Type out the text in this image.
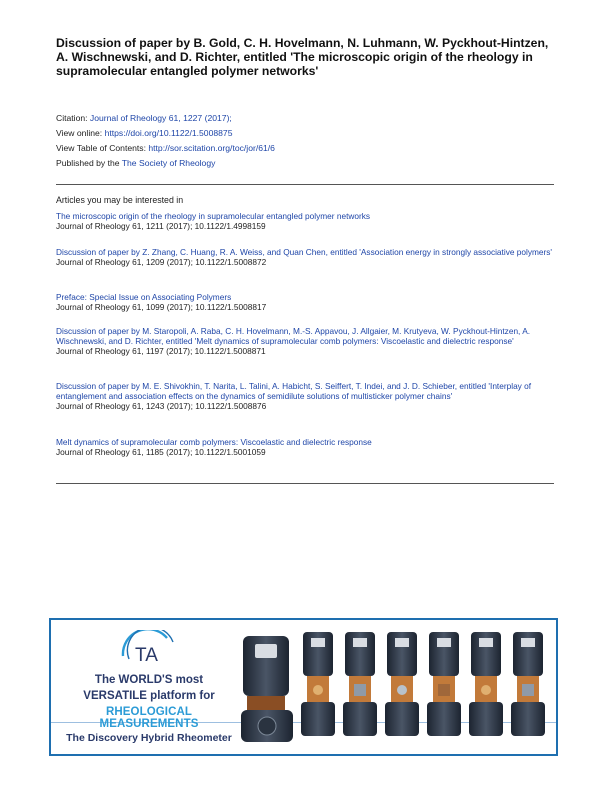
Discussion of paper by B. Gold, C. H. Hovelmann, N. Luhmann, W. Pyckhout-Hintzen, A. Wischnewski, and D. Richter, entitled 'The microscopic origin of the rheology in supramolecular entangled polymer networks'
Citation: Journal of Rheology 61, 1227 (2017);
View online: https://doi.org/10.1122/1.5008875
View Table of Contents: http://sor.scitation.org/toc/jor/61/6
Published by the The Society of Rheology
Articles you may be interested in
The microscopic origin of the rheology in supramolecular entangled polymer networks
Journal of Rheology 61, 1211 (2017); 10.1122/1.4998159
Discussion of paper by Z. Zhang, C. Huang, R. A. Weiss, and Quan Chen, entitled 'Association energy in strongly associative polymers'
Journal of Rheology 61, 1209 (2017); 10.1122/1.5008872
Preface: Special Issue on Associating Polymers
Journal of Rheology 61, 1099 (2017); 10.1122/1.5008817
Discussion of paper by M. Staropoli, A. Raba, C. H. Hovelmann, M.-S. Appavou, J. Allgaier, M. Krutyeva, W. Pyckhout-Hintzen, A. Wischnewski, and D. Richter, entitled 'Melt dynamics of supramolecular comb polymers: Viscoelastic and dielectric response'
Journal of Rheology 61, 1197 (2017); 10.1122/1.5008871
Discussion of paper by M. E. Shivokhin, T. Narita, L. Talini, A. Habicht, S. Seiffert, T. Indei, and J. D. Schieber, entitled 'Interplay of entanglement and association effects on the dynamics of semidilute solutions of multisticker polymer chains'
Journal of Rheology 61, 1243 (2017); 10.1122/1.5008876
Melt dynamics of supramolecular comb polymers: Viscoelastic and dielectric response
Journal of Rheology 61, 1185 (2017); 10.1122/1.5001059
TA
The WORLD'S most
VERSATILE platform for
RHEOLOGICAL MEASUREMENTS
The Discovery Hybrid Rheometer
